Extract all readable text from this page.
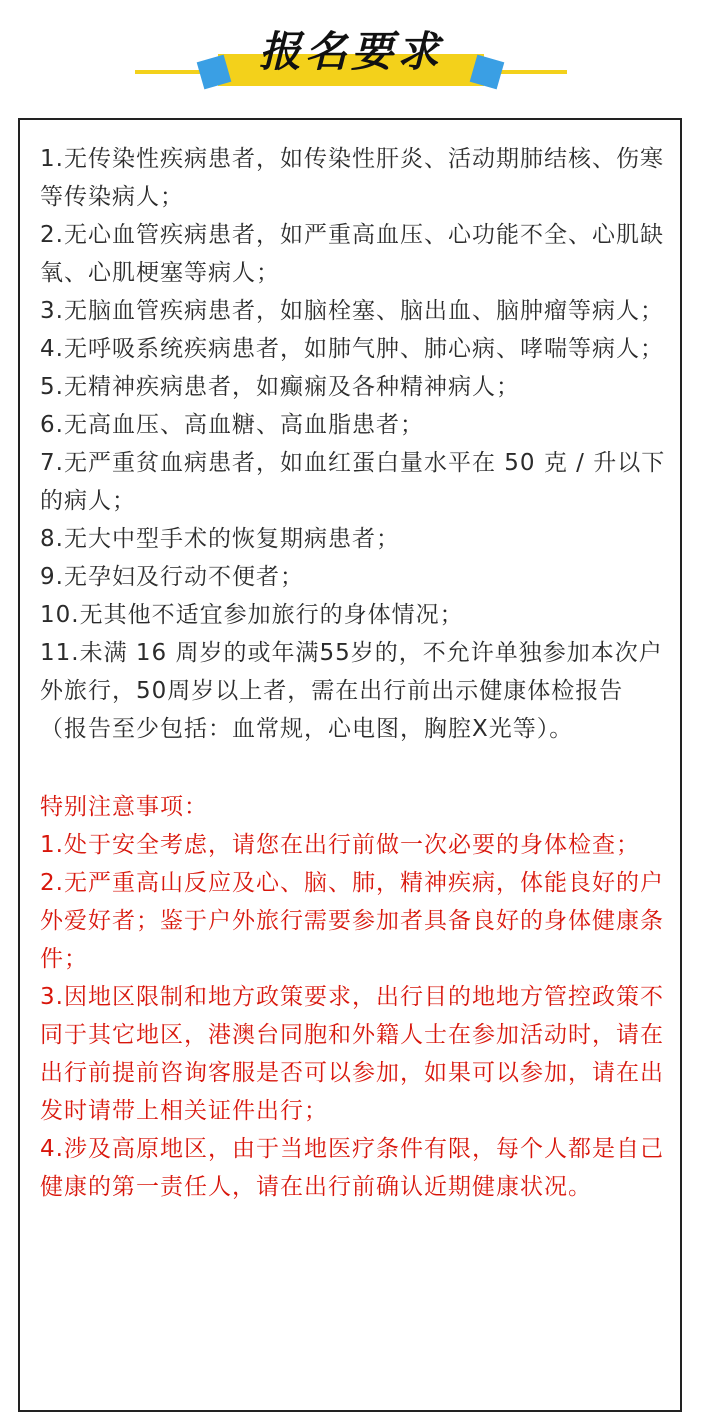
报名要求
1.无传染性疾病患者，如传染性肝炎、活动期肺结核、伤寒等传染病人；
2.无心血管疾病患者，如严重高血压、心功能不全、心肌缺氧、心肌梗塞等病人；
3.无脑血管疾病患者，如脑栓塞、脑出血、脑肿瘤等病人；
4.无呼吸系统疾病患者，如肺气肿、肺心病、哮喘等病人；
5.无精神疾病患者，如癫痫及各种精神病人；
6.无高血压、高血糖、高血脂患者；
7.无严重贫血病患者，如血红蛋白量水平在 50 克 / 升以下的病人；
8.无大中型手术的恢复期病患者；
9.无孕妇及行动不便者；
10.无其他不适宜参加旅行的身体情况；
11.未满 16 周岁的或年满55岁的，不允许单独参加本次户外旅行，50周岁以上者，需在出行前出示健康体检报告（报告至少包括：血常规，心电图，胸腔X光等）。
特别注意事项：
1.处于安全考虑，请您在出行前做一次必要的身体检查；
2.无严重高山反应及心、脑、肺，精神疾病，体能良好的户外爱好者；鉴于户外旅行需要参加者具备良好的身体健康条件；
3.因地区限制和地方政策要求，出行目的地地方管控政策不同于其它地区，港澳台同胞和外籍人士在参加活动时，请在出行前提前咨询客服是否可以参加，如果可以参加，请在出发时请带上相关证件出行；
4.涉及高原地区，由于当地医疗条件有限，每个人都是自己健康的第一责任人，请在出行前确认近期健康状况。
